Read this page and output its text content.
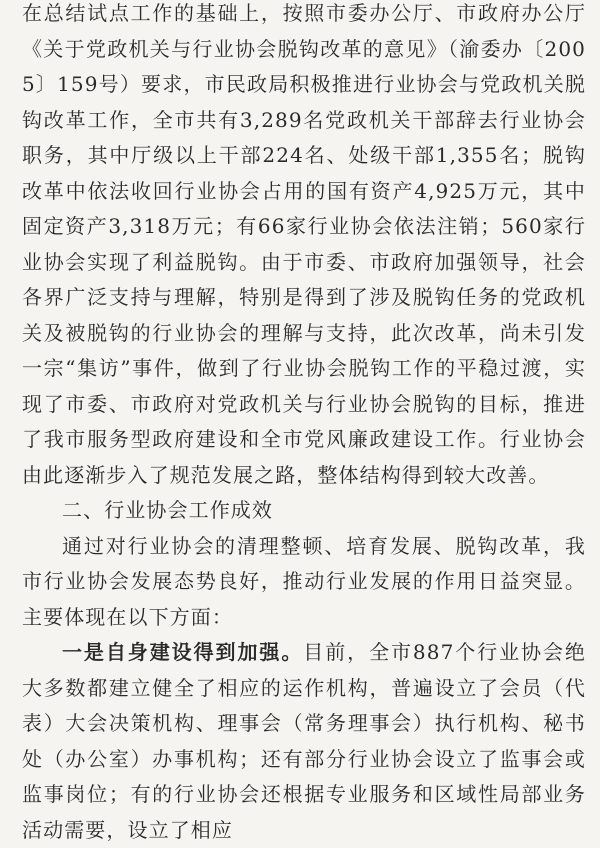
在总结试点工作的基础上，按照市委办公厅、市政府办公厅《关于党政机关与行业协会脱钩改革的意见》（渝委办〔2005〕159号）要求，市民政局积极推进行业协会与党政机关脱钩改革工作，全市共有3,289名党政机关干部辞去行业协会职务，其中厅级以上干部224名、处级干部1,355名；脱钩改革中依法收回行业协会占用的国有资产4,925万元，其中固定资产3,318万元；有66家行业协会依法注销；560家行业协会实现了利益脱钩。由于市委、市政府加强领导，社会各界广泛支持与理解，特别是得到了涉及脱钩任务的党政机关及被脱钩的行业协会的理解与支持，此次改革，尚未引发一宗“集访”事件，做到了行业协会脱钩工作的平稳过渡，实现了市委、市政府对党政机关与行业协会脱钩的目标，推进了我市服务型政府建设和全市党风廉政建设工作。行业协会由此逐渐步入了规范发展之路，整体结构得到较大改善。

二、行业协会工作成效

通过对行业协会的清理整顿、培育发展、脱钩改革，我市行业协会发展态势良好，推动行业发展的作用日益突显。主要体现在以下方面：

一是自身建设得到加强。目前，全市887个行业协会绝大多数都建立健全了相应的运作机构，普遍设立了会员（代表）大会决策机构、理事会（常务理事会）执行机构、秘书处（办公室）办事机构；还有部分行业协会设立了监事会或监事岗位；有的行业协会还根据专业服务和区域性局部业务活动需要，设立了相应
